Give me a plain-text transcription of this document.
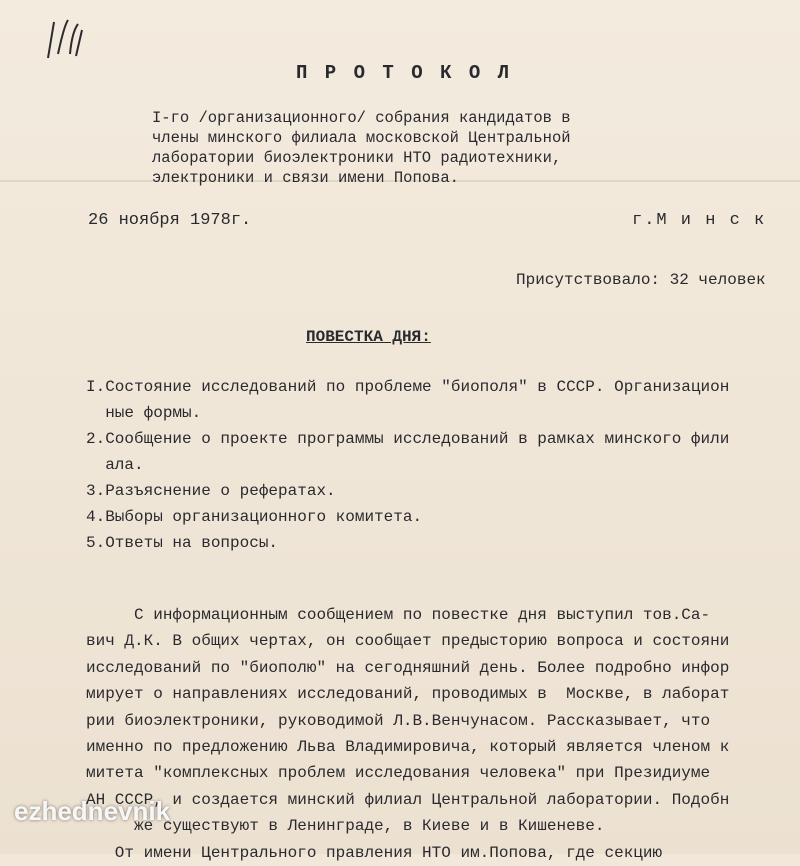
П Р О Т О К О Л
I-го /организационного/ собрания кандидатов в
члены минского филиала московской Центральной
лаборатории биоэлектроники НТО радиотехники,
электроники и связи имени Попова.
26 ноября 1978г.	г.М и н с к
Присутствовало: 32 человек
ПОВЕСТКА ДНЯ:
I.Состояние исследований по проблеме "биополя" в СССР. Организацион
ные формы.
2.Сообщение о проекте программы исследований в рамках минского фили
ала.
3.Разъяснение о рефератах.
4.Выборы организационного комитета.
5.Ответы на вопросы.
С информационным сообщением по повестке дня выступил тов.Са-
вич Д.К. В общих чертах, он сообщает предысторию вопроса и состояни
исследований по "биополю" на сегодняшний день. Более подробно инфор
мирует о направлениях исследований, проводимых в  Москве, в лаборат
рии биоэлектроники, руководимой Л.В.Венчунасом. Рассказывает, что
именно по предложению Льва Владимировича, который является членом к
митета "комплексных проблем исследования человека" при Президиуме
АН СССР, и создается минский филиал Центральной лаборатории. Подобн
же существуют в Ленинграде, в Киеве и в Кишеневе.
От имени Центрального правления НТО им.Попова, где секцию
ezhednevnik
